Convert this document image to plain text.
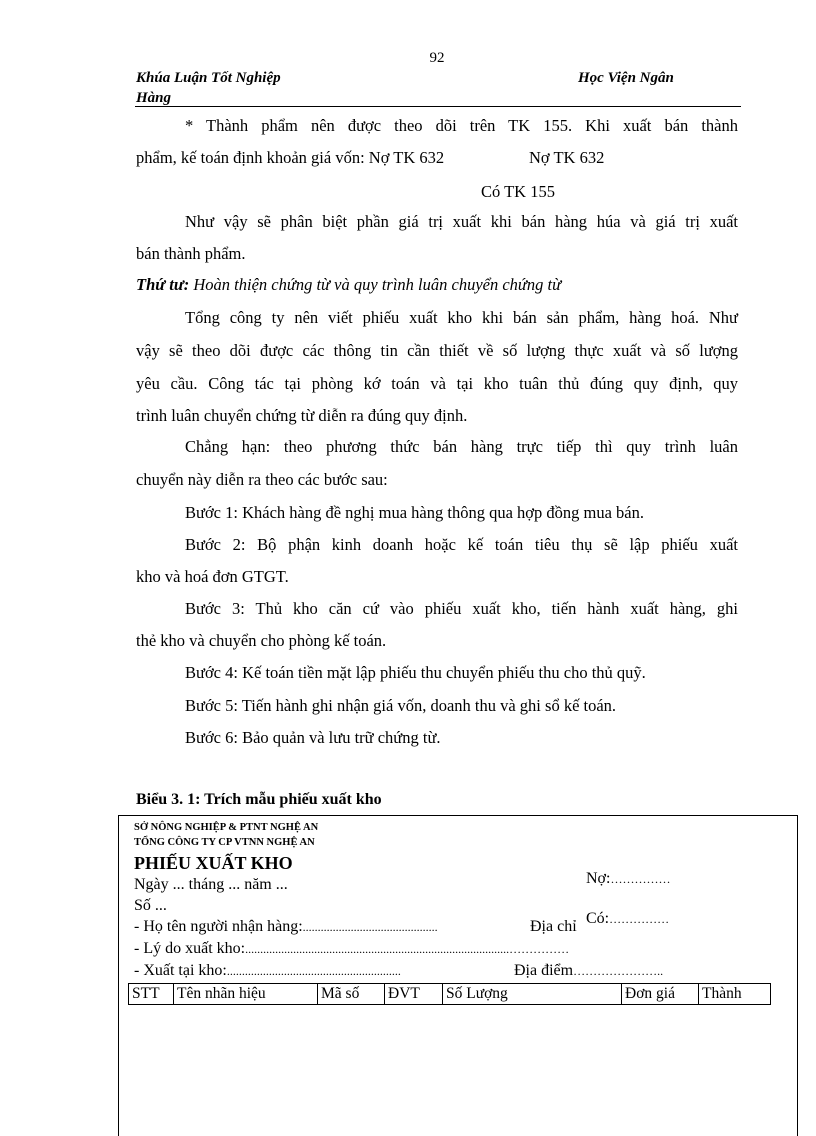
92
Khúa Luận Tốt Nghiệp	Học Viện Ngân
Hàng
* Thành phẩm nên được theo dõi trên TK 155. Khi xuất bán thành
phẩm, kế toán định khoản giá vốn: Nợ TK 632	Nợ TK 632
Có TK 155
Như vậy sẽ phân biệt phần giá trị xuất khi bán hàng húa và giá trị xuất
bán thành phẩm.
Thứ tư: Hoàn thiện chứng từ và quy trình luân chuyển chứng từ
Tổng công ty nên viết phiếu xuất kho khi bán sản phẩm, hàng hoá. Như
vậy sẽ theo dõi được các thông tin cần thiết về số lượng thực xuất và số lượng
yêu cầu. Công tác tại phòng kớ toán và tại kho tuân thủ đúng quy định, quy
trình luân chuyển chứng từ diễn ra đúng quy định.
Chẳng hạn: theo phương thức bán hàng trực tiếp thì quy trình luân
chuyển này diễn ra theo các bước sau:
Bước 1: Khách hàng đề nghị mua hàng thông qua hợp đồng mua bán.
Bước 2: Bộ phận kinh doanh hoặc kế toán tiêu thụ sẽ lập phiếu xuất
kho và hoá đơn GTGT.
Bước 3: Thủ kho căn cứ vào phiếu xuất kho, tiến hành xuất hàng, ghi
thẻ kho và chuyển cho phòng kế toán.
Bước 4: Kế toán tiền mặt lập phiếu thu chuyển phiếu thu cho thủ quỹ.
Bước 5: Tiến hành ghi nhận giá vốn, doanh thu và ghi sổ kế toán.
Bước 6: Bảo quản và lưu trữ chứng từ.
Biểu 3. 1: Trích mẫu phiếu xuất kho
SỞ NÔNG NGHIỆP & PTNT NGHỆ AN
TỔNG CÔNG TY CP VTNN NGHỆ AN
PHIẾU XUẤT KHO
Ngày ... tháng ... năm ...	Nợ:……………
Số ...
- Họ tên người nhận hàng:.............................................	Địa chỉ Có:……………
- Lý do xuất kho:........................................................................................……………
- Xuất tại kho:..........................................................	Địa điểm…………………..
STT	Tên nhãn hiệu	Mã số	ĐVT	Số Lượng	Đơn giá	Thành
